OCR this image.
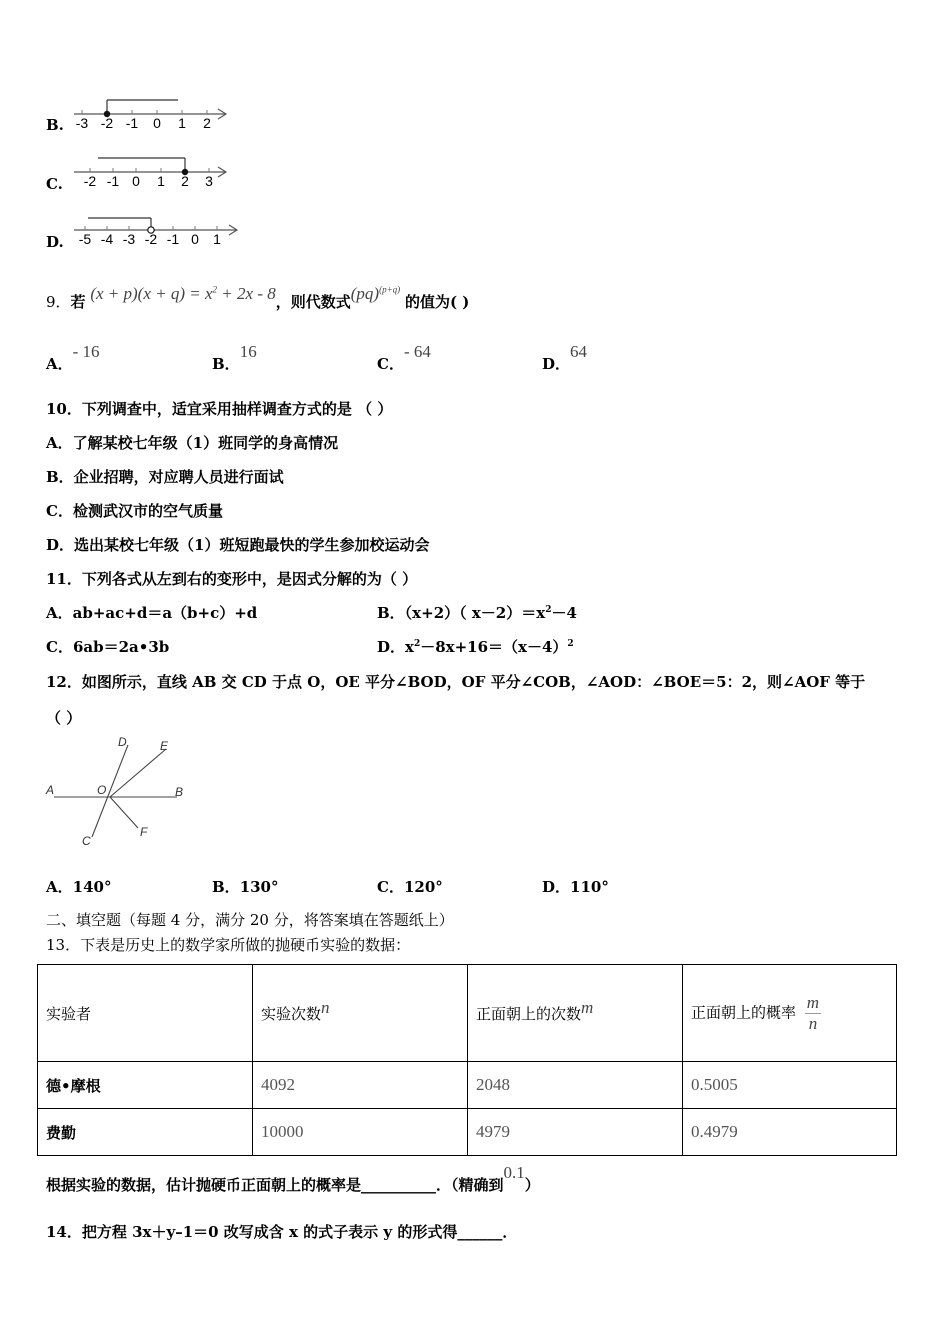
B. -3 -2 -1 0 1 2
C. -2 -1 0 1 2 3
D. -5 -4 -3 -2 -1 0 1
9．若 $(x + p)(x + q) = x^2 + 2x - 8$，则代数式(pq)$^{(p+q)}$ 的值为( )
A．- 16
B．16
C．- 64
D．64
10．下列调查中，适宜采用抽样调查方式的是 （ ）
A．了解某校七年级（1）班同学的身高情况
B．企业招聘，对应聘人员进行面试
C．检测武汉市的空气质量
D．选出某校七年级（1）班短跑最快的学生参加校运动会
11．下列各式从左到右的变形中，是因式分解的为（ ）
A．ab+ac+d＝a（b+c）+d	B．（x+2）（ $x-2)=x^2-4$
C．6ab＝2a•3b	D．$x^2-8x+16=(x-4)^2$
12．如图所示，直线 AB 交 CD 于点 O，OE 平分∠BOD，OF 平分∠COB，∠AOD：∠BOE＝5：2，则∠AOF 等于
（ ）
A	B
C
D	E
F
O
A．140°	B．130°	C．120°	D．110°
二、填空题（每题 4 分，满分 20 分，将答案填在答题纸上）
13．下表是历史上的数学家所做的抛硬币实验的数据：
实验者	实验次数n	正面朝上的次数m	正面朝上的概率 $\frac{m}{n}$

德•摩根	4092	2048	0.5005
费勤	10000	4979	0.4979
根据实验的数据，估计抛硬币正面朝上的概率是__________．（精确到0.1）
14．把方程 3x＋y–1＝0 改写成含 x 的式子表示 y 的形式得______．
